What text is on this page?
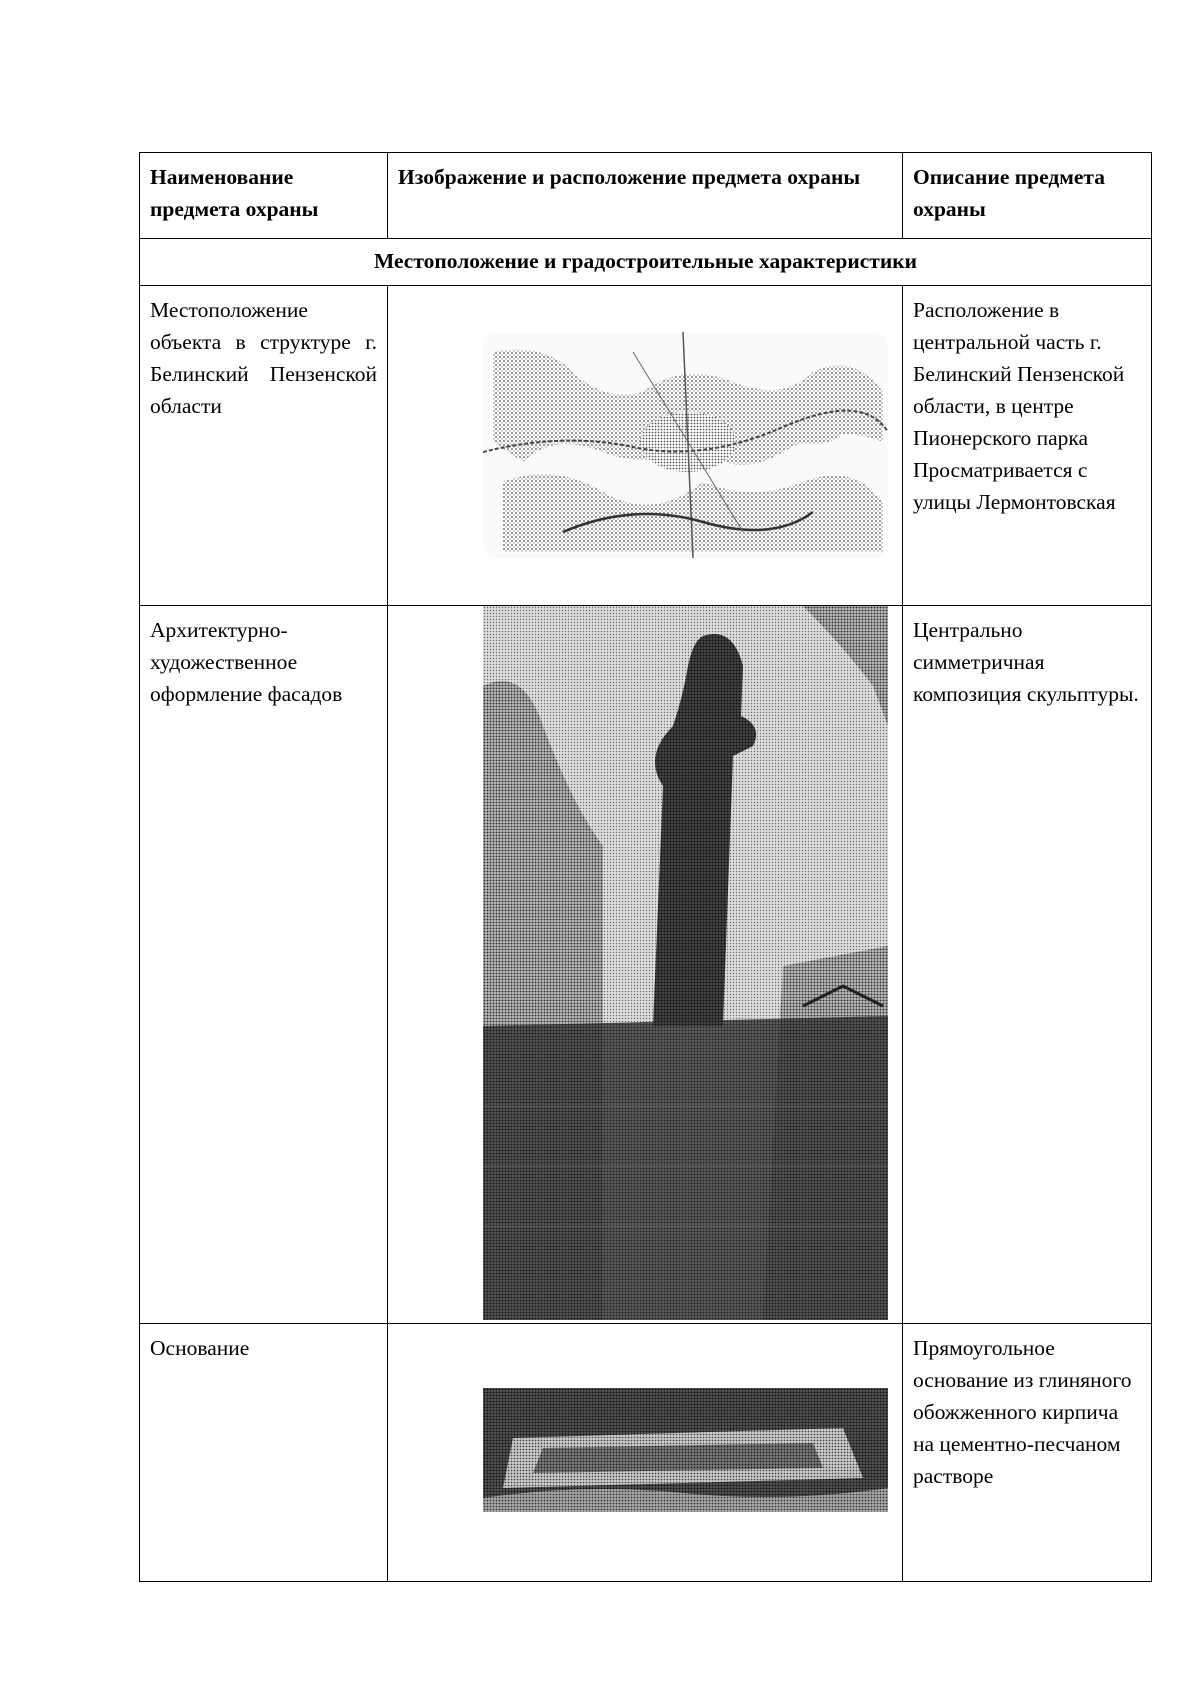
Наименование предмета охраны	Изображение и расположение предмета охраны	Описание предмета охраны
Местоположение и градостроительные характеристики		
Местоположение объекта в структуре г. Белинский Пензенской области		Расположение в центральной часть г. Белинский Пензенской области, в центре Пионерского парка Просматривается с улицы Лермонтовская
Архитектурно-художественное оформление фасадов		Центрально симметричная композиция скульптуры.
Основание		Прямоугольное основание из глиняного обожженного кирпича на цементно-песчаном растворе
